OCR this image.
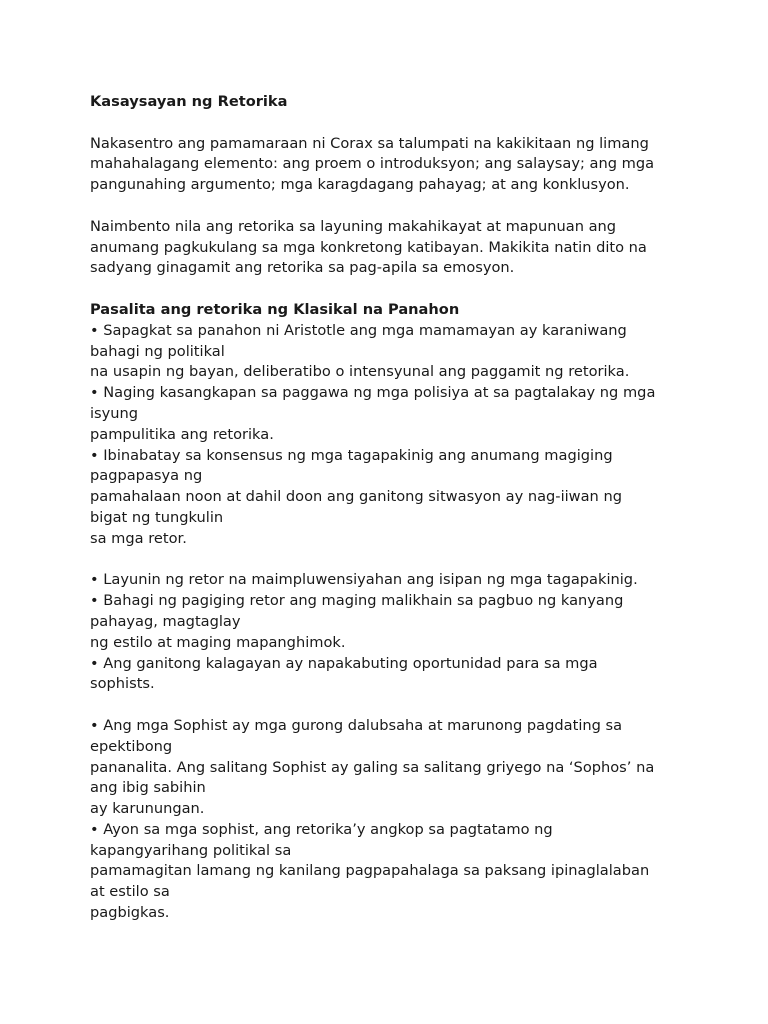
Kasaysayan ng Retorika
Nakasentro ang pamamaraan ni Corax sa talumpati na kakikitaan ng limang
mahahalagang elemento: ang proem o introduksyon; ang salaysay; ang mga
pangunahing argumento; mga karagdagang pahayag; at ang konklusyon.
Naimbento nila ang retorika sa layuning makahikayat at mapunuan ang
anumang pagkukulang sa mga konkretong katibayan. Makikita natin dito na
sadyang ginagamit ang retorika sa pag-apila sa emosyon.
Pasalita ang retorika ng Klasikal na Panahon
• Sapagkat sa panahon ni Aristotle ang mga mamamayan ay karaniwang
bahagi ng politikal
na usapin ng bayan, deliberatibo o intensyunal ang paggamit ng retorika.
• Naging kasangkapan sa paggawa ng mga polisiya at sa pagtalakay ng mga
isyung
pampulitika ang retorika.
• Ibinabatay sa konsensus ng mga tagapakinig ang anumang magiging
pagpapasya ng
pamahalaan noon at dahil doon ang ganitong sitwasyon ay nag-iiwan ng
bigat ng tungkulin
sa mga retor.
• Layunin ng retor na maimpluwensiyahan ang isipan ng mga tagapakinig.
• Bahagi ng pagiging retor ang maging malikhain sa pagbuo ng kanyang
pahayag, magtaglay
ng estilo at maging mapanghimok.
• Ang ganitong kalagayan ay napakabuting oportunidad para sa mga
sophists.
• Ang mga Sophist ay mga gurong dalubsaha at marunong pagdating sa
epektibong
pananalita. Ang salitang Sophist ay galing sa salitang griyego na ‘Sophos’ na
ang ibig sabihin
ay karunungan.
• Ayon sa mga sophist, ang retorika’y angkop sa pagtatamo ng
kapangyarihang politikal sa
pamamagitan lamang ng kanilang pagpapahalaga sa paksang ipinaglalaban
at estilo sa
pagbigkas.
